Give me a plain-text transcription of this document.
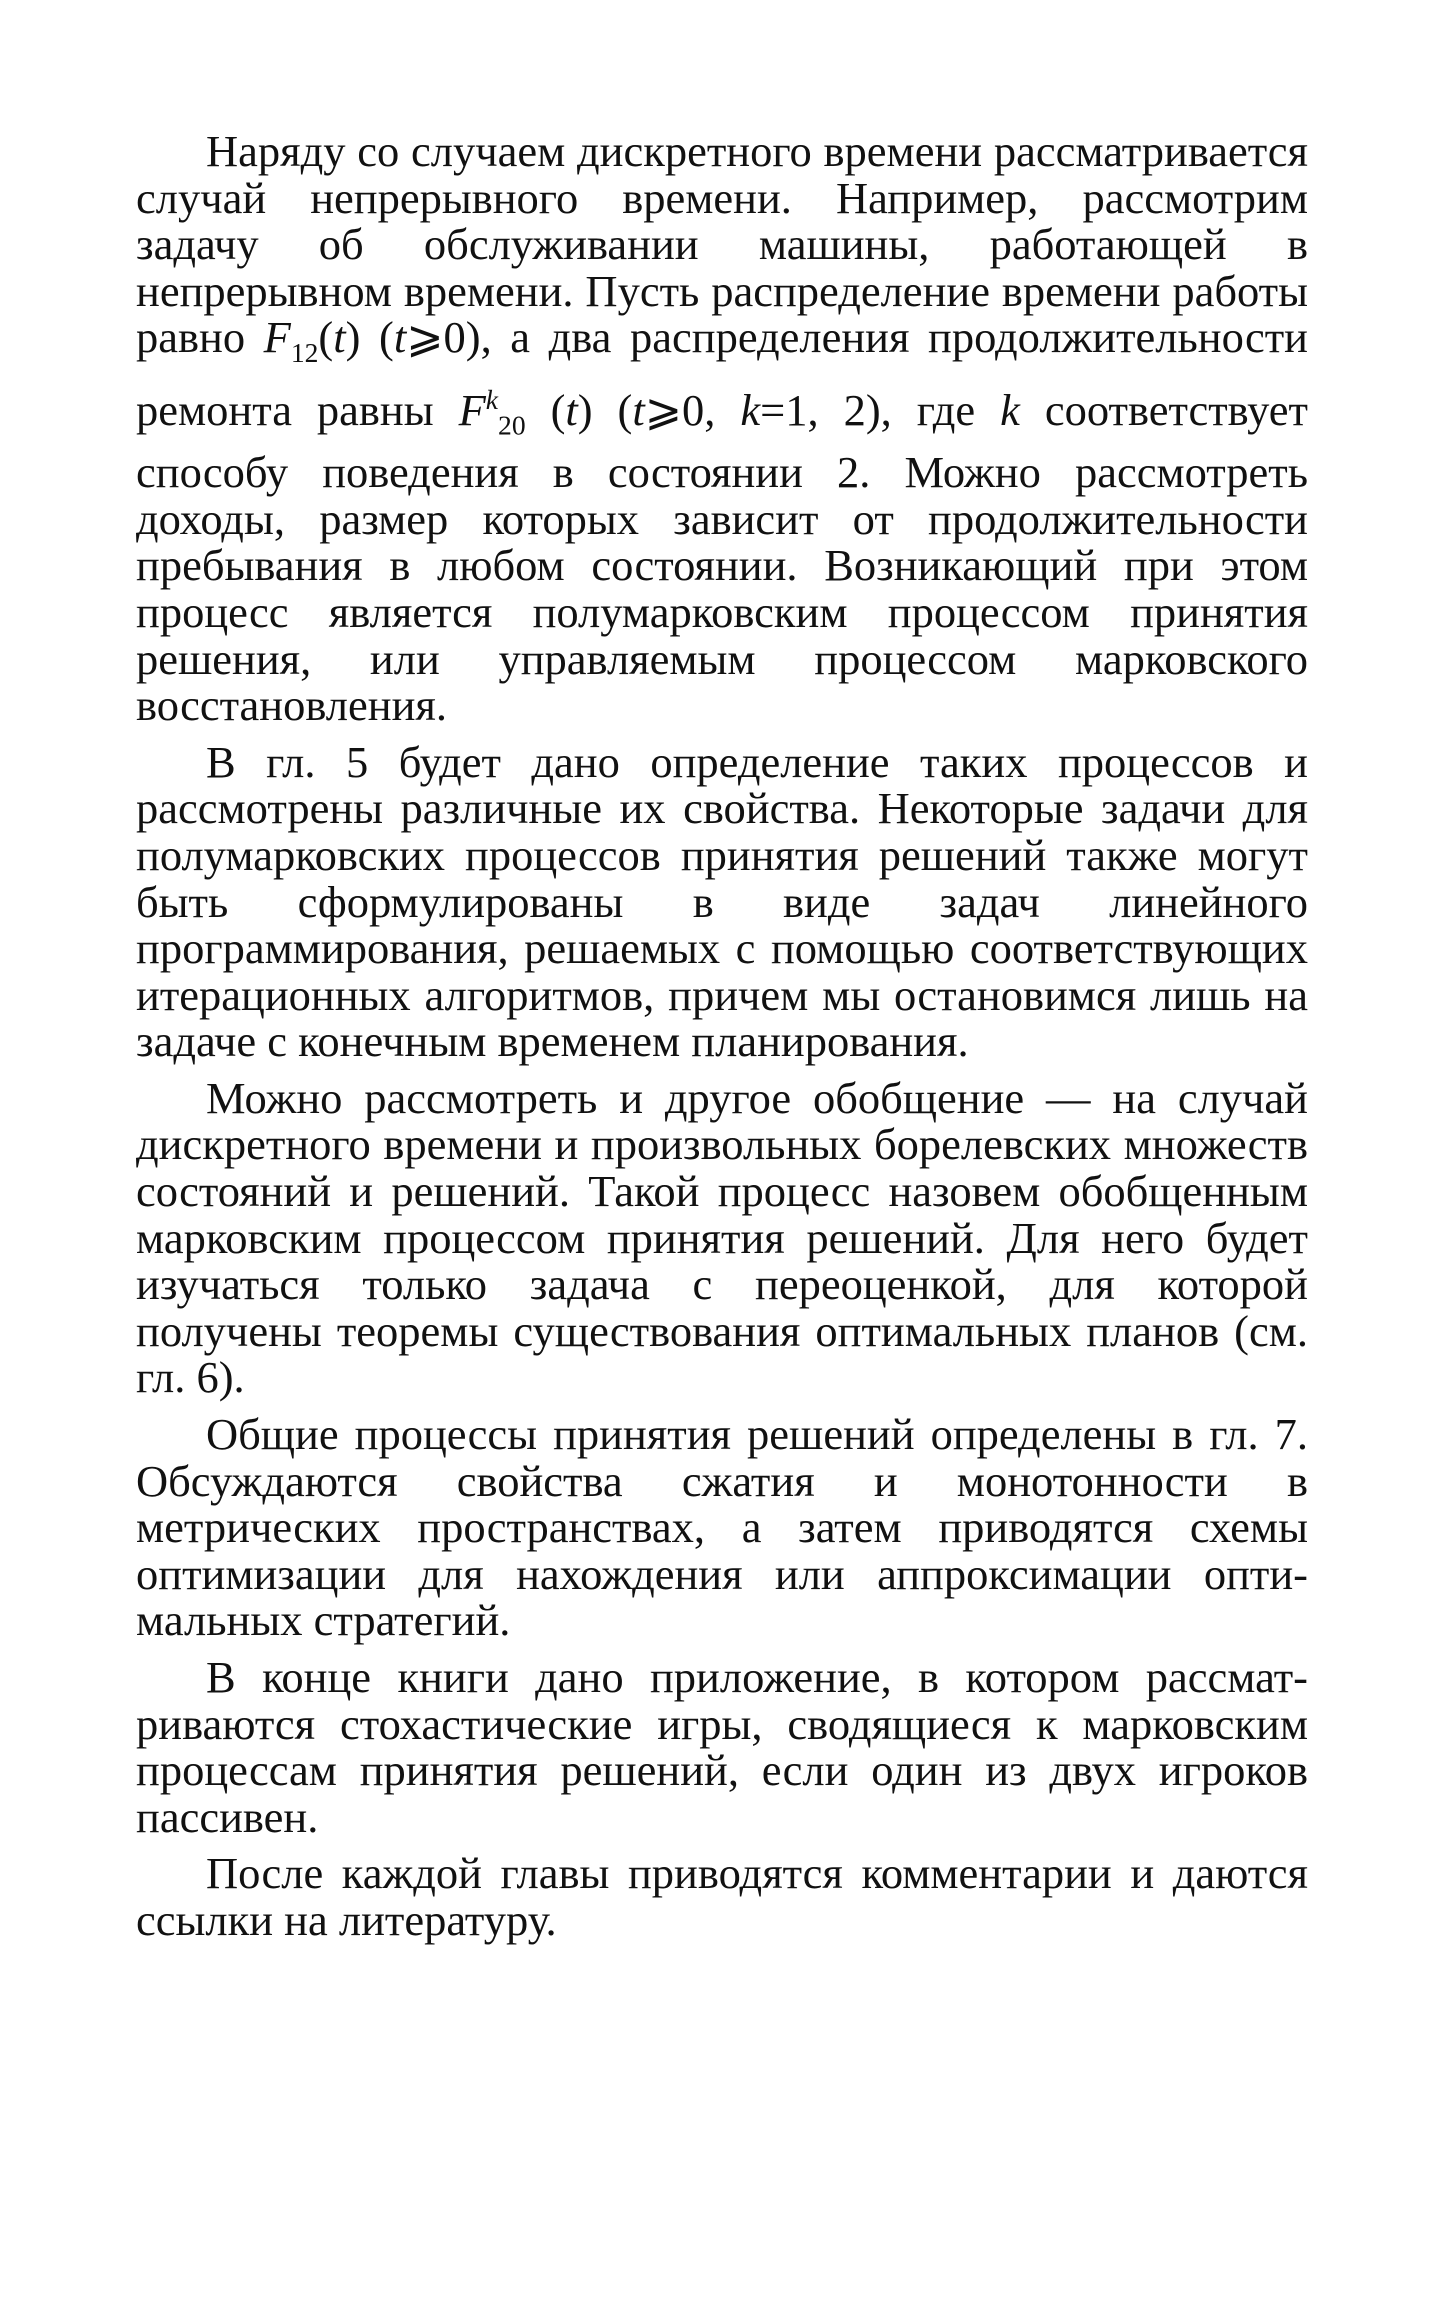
Наряду со случаем дискретного времени рассматривается случай непрерывного времени. Например, рассмотрим задачу об обслуживании машины, работающей в непрерывном времени. Пусть распределение времени работы равно $F_{12}(t)$ (t⩾0), а два распределения продолжительности ремонта равны $F^k_{20}$ (t) (t⩾0, k=1, 2), где k соответствует способу поведения в состоянии 2. Можно рассмотреть доходы, размер которых зависит от продолжительности пребывания в любом состоянии. Возникающий при этом процесс является полумарковским процессом принятия решения, или управляемым процессом марковского восстановления.

В гл. 5 будет дано определение таких процессов и рассмотрены различные их свойства. Некоторые задачи для полумарковских процессов принятия решений также могут быть сформулированы в виде задач линейного программирования, решаемых с помощью соответствующих итерационных алгоритмов, причем мы остановимся лишь на задаче с конечным временем планирования.

Можно рассмотреть и другое обобщение — на случай дискретного времени и произвольных борелевских множеств состояний и решений. Такой процесс назовем обобщенным марковским процессом принятия решений. Для него будет изучаться только задача с переоценкой, для которой получены теоремы существования оптимальных планов (см. гл. 6).

Общие процессы принятия решений определены в гл. 7. Обсуждаются свойства сжатия и монотонности в метрических пространствах, а затем приводятся схемы оптимизации для нахождения или аппроксимации оптимальных стратегий.

В конце книги дано приложение, в котором рассматриваются стохастические игры, сводящиеся к марковским процессам принятия решений, если один из двух игроков пассивен.

После каждой главы приводятся комментарии и даются ссылки на литературу.
